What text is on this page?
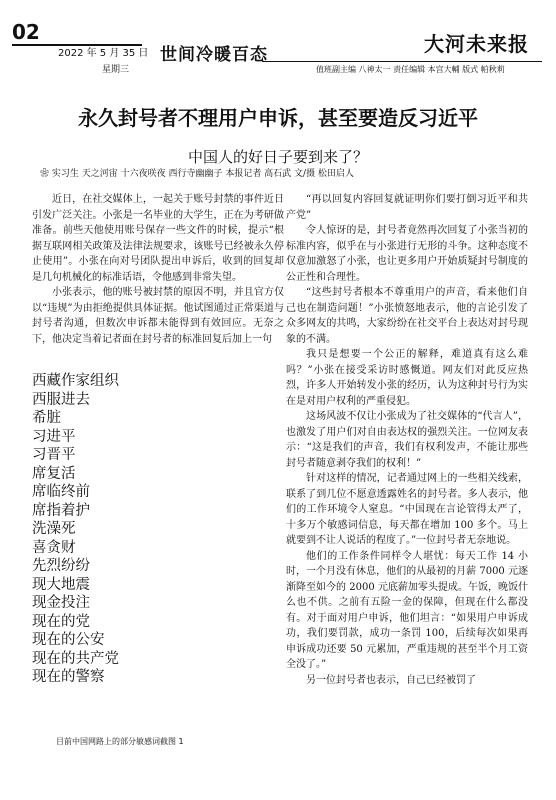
02
2022 年 5 月 35 日
星期三
世间冷暖百态	大河未来报
值班副主编 八神太一 责任编辑 本宫大輔 版式 帕秋莉
永久封号者不理用户申诉，甚至要造反习近平
中国人的好日子要到来了？
❀ 实习生 天之河宙 十六夜咲夜 西行寺幽幽子 本报记者 高石武 文/摄 松田启人

近日，在社交媒体上，一起关于账号封禁的事件近日引发广泛关注。小张是一名毕业的大学生，正在为考研做准备。前些天他使用账号保存一些文件的时候，提示“根据互联网相关政策及法律法规要求，该账号已经被永久停止使用”。小张在向对号团队提出申诉后，收到的回复却是几句机械化的标准话语，令他感到非常失望。

小张表示，他的账号被封禁的原因不明，并且官方仅以“违规”为由拒绝提供具体证据。他试图通过正常渠道与封号者沟通，但数次申诉都未能得到有效回应。无奈之下，他决定当着记者面在封号者的标准回复后加上一句

西藏作家组织
西服进去
希脏
习进平
习晋平
席复活
席临终前
席指着护
洗澡死
喜贪财
先烈纷纷
现大地震
现金投注
现在的党
现在的公安
现在的共产党
现在的警察
目前中国网路上的部分敏感词截图 1

“再以回复内容回复就证明你们要打倒习近平和共产党”

令人惊讶的是，封号者竟然再次回复了小张当初的标准内容，似乎在与小张进行无形的斗争。这种态度不仅意加激怒了小张，也让更多用户开始质疑封号制度的公正性和合理性。

“这些封号者根本不尊重用户的声音，看来他们自己也在制造问题！”小张愤怒地表示，他的言论引发了众多网友的共鸣，大家纷纷在社交平台上表达对封号现象的不满。

我只是想要一个公正的解释，难道真有这么难吗？”小张在接受采访时感慨道。网友们对此反应热烈，许多人开始转发小张的经历，认为这种封号行为实在是对用户权利的严重侵犯。

这场风波不仅让小张成为了社交媒体的“代言人”，也激发了用户们对自由表达权的强烈关注。一位网友表示：“这是我们的声音，我们有权利发声，不能让那些封号者随意剥夺我们的权利！”

针对这样的情况，记者通过网上的一些相关线索，联系了到几位不愿意透露姓名的封号者。多人表示，他们的工作环境令人窒息。“中国现在言论管得太严了，十多万个敏感词信息，每天都在增加 100 多个。马上就要到不让人说话的程度了。”一位封号者无奈地说。

他们的工作条件同样令人堪忧：每天工作 14 小时，一个月没有休息，他们的从最初的月薪 7000 元逐渐降至如今的 2000 元底薪加零头提成。午饭，晚饭什么也不供。之前有五险一金的保障，但现在什么都没有。对于面对用户申诉，他们坦言：“如果用户申诉成功，我们要罚款，成功一条罚 100，后续每次如果再申诉成功还要 50 元累加，严重违规的甚至半个月工资全没了。”

另一位封号者也表示，自己已经被罚了
